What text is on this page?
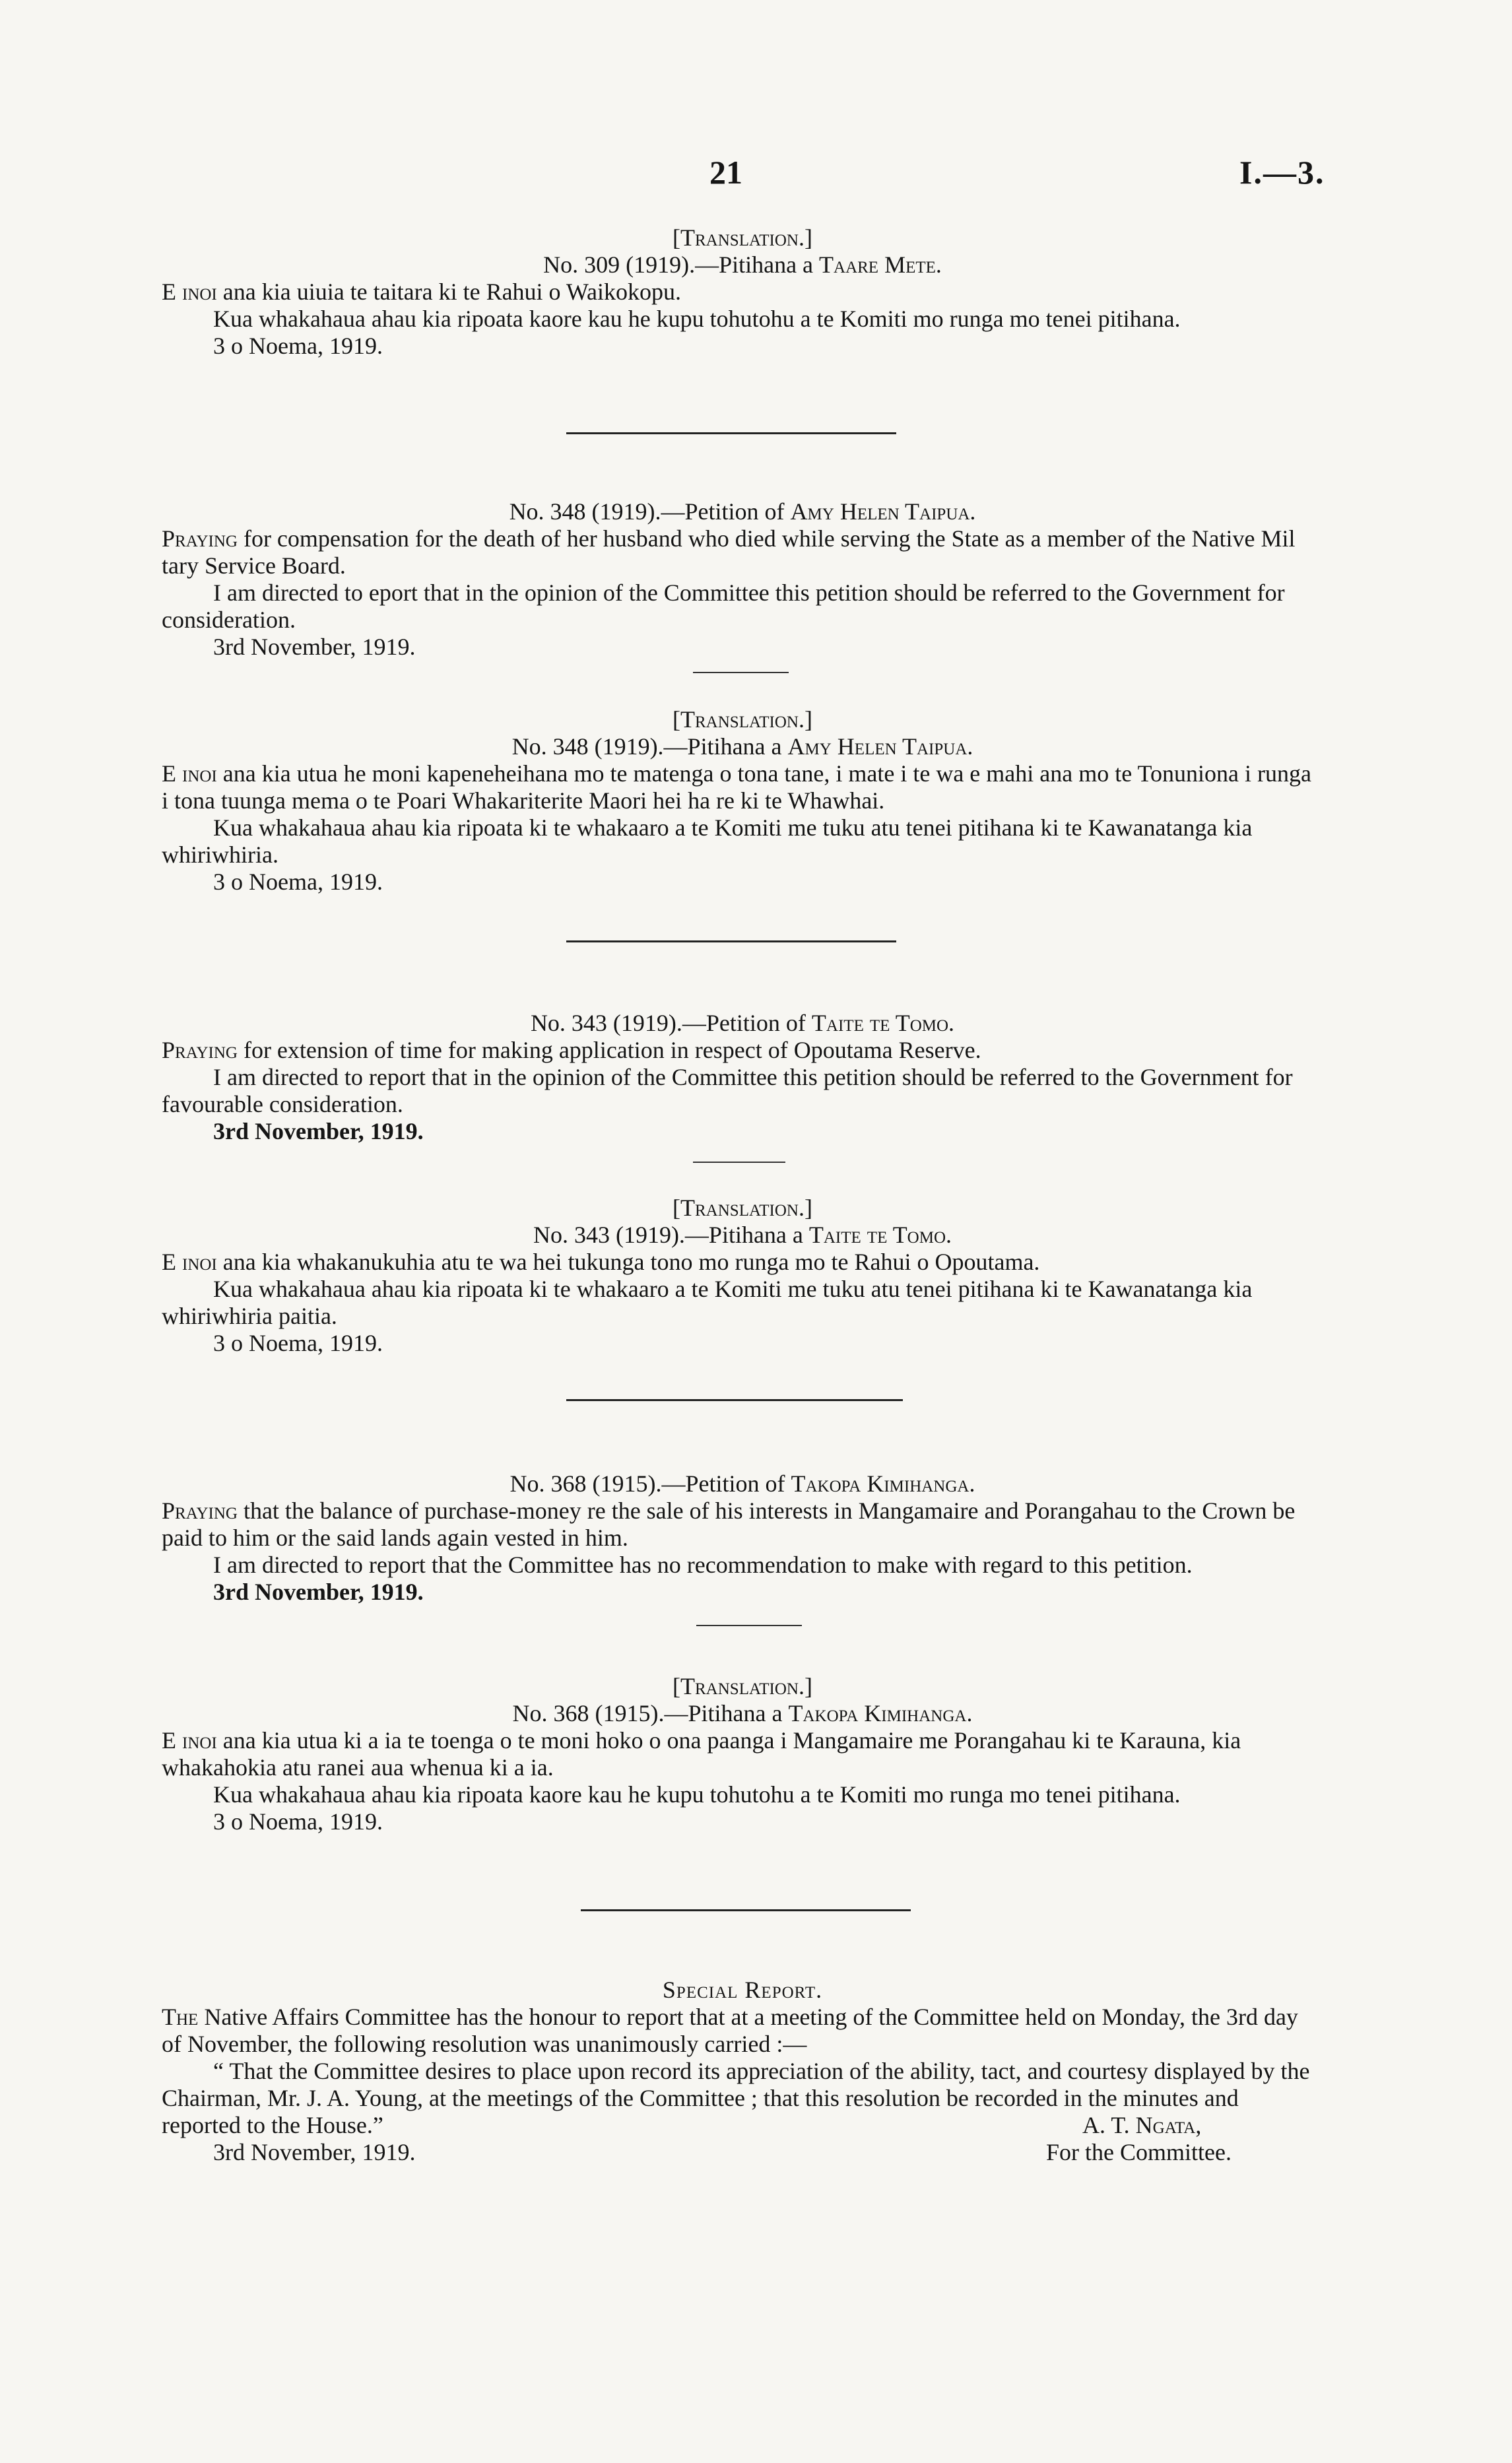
21	I.—3.
[Translation.]
No. 309 (1919).—Pitihana a Taare Mete.

E inoi ana kia uiuia te taitara ki te Rahui o Waikokopu.

Kua whakahaua ahau kia ripoata kaore kau he kupu tohutohu a te Komiti mo runga mo tenei pitihana.

3 o Noema, 1919.

No. 348 (1919).—Petition of Amy Helen Taipua.

Praying for compensation for the death of her husband who died while serving the State as a member of the Native Mil tary Service Board.

I am directed to eport that in the opinion of the Committee this petition should be referred to the Government for consideration.

3rd November, 1919.

[Translation.]
No. 348 (1919).—Pitihana a Amy Helen Taipua.

E inoi ana kia utua he moni kapeneheihana mo te matenga o tona tane, i mate i te wa e mahi ana mo te Tonuniona i runga i tona tuunga mema o te Poari Whakariterite Maori hei ha re ki te Whawhai.

Kua whakahaua ahau kia ripoata ki te whakaaro a te Komiti me tuku atu tenei pitihana ki te Kawanatanga kia whiriwhiria.

3 o Noema, 1919.

No. 343 (1919).—Petition of Taite te Tomo.

Praying for extension of time for making application in respect of Opoutama Reserve.

I am directed to report that in the opinion of the Committee this petition should be referred to the Government for favourable consideration.

3rd November, 1919.

[Translation.]
No. 343 (1919).—Pitihana a Taite te Tomo.

E inoi ana kia whakanukuhia atu te wa hei tukunga tono mo runga mo te Rahui o Opoutama.

Kua whakahaua ahau kia ripoata ki te whakaaro a te Komiti me tuku atu tenei pitihana ki te Kawanatanga kia whiriwhiria paitia.

3 o Noema, 1919.

No. 368 (1915).—Petition of Takopa Kimihanga.

Praying that the balance of purchase-money re the sale of his interests in Mangamaire and Porangahau to the Crown be paid to him or the said lands again vested in him.

I am directed to report that the Committee has no recommendation to make with regard to this petition.

3rd November, 1919.

[Translation.]
No. 368 (1915).—Pitihana a Takopa Kimihanga.

E inoi ana kia utua ki a ia te toenga o te moni hoko o ona paanga i Mangamaire me Porangahau ki te Karauna, kia whakahokia atu ranei aua whenua ki a ia.

Kua whakahaua ahau kia ripoata kaore kau he kupu tohutohu a te Komiti mo runga mo tenei pitihana.

3 o Noema, 1919.

Special Report.

The Native Affairs Committee has the honour to report that at a meeting of the Committee held on Monday, the 3rd day of November, the following resolution was unanimously carried :—

“ That the Committee desires to place upon record its appreciation of the ability, tact, and courtesy displayed by the Chairman, Mr. J. A. Young, at the meetings of the Committee ; that this resolution be recorded in the minutes and reported to the House.”

3rd November, 1919.

A. T. Ngata,
For the Committee.
